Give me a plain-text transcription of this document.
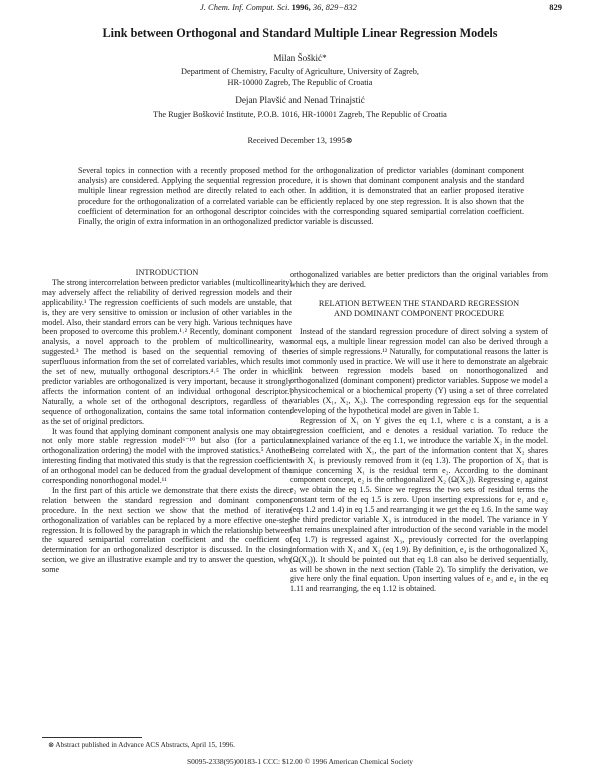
J. Chem. Inf. Comput. Sci. 1996, 36, 829−832	829
Link between Orthogonal and Standard Multiple Linear Regression Models
Milan Šoškić*
Department of Chemistry, Faculty of Agriculture, University of Zagreb,
HR-10000 Zagreb, The Republic of Croatia
Dejan Plavšić and Nenad Trinajstić
The Rugjer Bošković Institute, P.O.B. 1016, HR-10001 Zagreb, The Republic of Croatia
Received December 13, 1995⊗
Several topics in connection with a recently proposed method for the orthogonalization of predictor variables (dominant component analysis) are considered. Applying the sequential regression procedure, it is shown that dominant component analysis and the standard multiple linear regression method are directly related to each other. In addition, it is demonstrated that an earlier proposed iterative procedure for the orthogonalization of a correlated variable can be efficiently replaced by one step regression. It is also shown that the coefficient of determination for an orthogonal descriptor coincides with the corresponding squared semipartial correlation coefficient. Finally, the origin of extra information in an orthogonalized predictor variable is discussed.

INTRODUCTION

The strong intercorrelation between predictor variables (multicollinearity) may adversely affect the reliability of derived regression models and their applicability.¹ The regression coefficients of such models are unstable, that is, they are very sensitive to omission or inclusion of other variables in the model. Also, their standard errors can be very high. Various techniques have been proposed to overcome this problem.¹˒² Recently, dominant component analysis, a novel approach to the problem of multicollinearity, was suggested.³ The method is based on the sequential removing of the superfluous information from the set of correlated variables, which results in the set of new, mutually orthogonal descriptors.⁴˒⁵ The order in which predictor variables are orthogonalized is very important, because it strongly affects the information content of an individual orthogonal descriptor.⁵ Naturally, a whole set of the orthogonal descriptors, regardless of the sequence of orthogonalization, contains the same total information content as the set of original predictors.

It was found that applying dominant component analysis one may obtain not only more stable regression model⁶⁻¹⁰ but also (for a particular orthogonalization ordering) the model with the improved statistics.⁵ Another interesting finding that motivated this study is that the regression coefficients of an orthogonal model can be deduced from the gradual development of the corresponding nonorthogonal model.¹¹

In the first part of this article we demonstrate that there exists the direct relation between the standard regression and dominant component procedure. In the next section we show that the method of iterative orthogonalization of variables can be replaced by a more effective one-step regression. It is followed by the paragraph in which the relationship between the squared semipartial correlation coefficient and the coefficient of determination for an orthogonalized descriptor is discussed. In the closing section, we give an illustrative example and try to answer the question, why some

orthogonalized variables are better predictors than the original variables from which they are derived.

RELATION BETWEEN THE STANDARD REGRESSION
AND DOMINANT COMPONENT PROCEDURE

Instead of the standard regression procedure of direct solving a system of normal eqs, a multiple linear regression model can also be derived through a series of simple regressions.¹² Naturally, for computational reasons the latter is not commonly used in practice. We will use it here to demonstrate an algebraic link between regression models based on nonorthogonalized and orthogonalized (dominant component) predictor variables. Suppose we model a physicochemical or a biochemical property (Y) using a set of three correlated variables (X₁, X₂, X₃). The corresponding regression eqs for the sequential developing of the hypothetical model are given in Table 1.

Regression of X₁ on Y gives the eq 1.1, where c is a constant, a is a regression coefficient, and e denotes a residual variation. To reduce the unexplained variance of the eq 1.1, we introduce the variable X₂ in the model. Being correlated with X₁, the part of the information content that X₂ shares with X₁ is previously removed from it (eq 1.3). The proportion of X₂ that is unique concerning X₁ is the residual term e₂. According to the dominant component concept, e₂ is the orthogonalized X₂ (Ω(X₂)). Regressing e₁ against e₂ we obtain the eq 1.5. Since we regress the two sets of residual terms the constant term of the eq 1.5 is zero. Upon inserting expressions for e₁ and e₂ (eqs 1.2 and 1.4) in eq 1.5 and rearranging it we get the eq 1.6. In the same way the third predictor variable X₃ is introduced in the model. The variance in Y that remains unexplained after introduction of the second variable in the model (eq 1.7) is regressed against X₃, previously corrected for the overlapping information with X₁ and X₂ (eq 1.9). By definition, e₄ is the orthogonalized X₃ (Ω(X₃)). It should be pointed out that eq 1.8 can also be derived sequentially, as will be shown in the next section (Table 2). To simplify the derivation, we give here only the final equation. Upon inserting values of e₃ and e₄ in the eq 1.11 and rearranging, the eq 1.12 is obtained.

⊗ Abstract published in Advance ACS Abstracts, April 15, 1996.
S0095-2338(95)00183-1 CCC: $12.00 © 1996 American Chemical Society
